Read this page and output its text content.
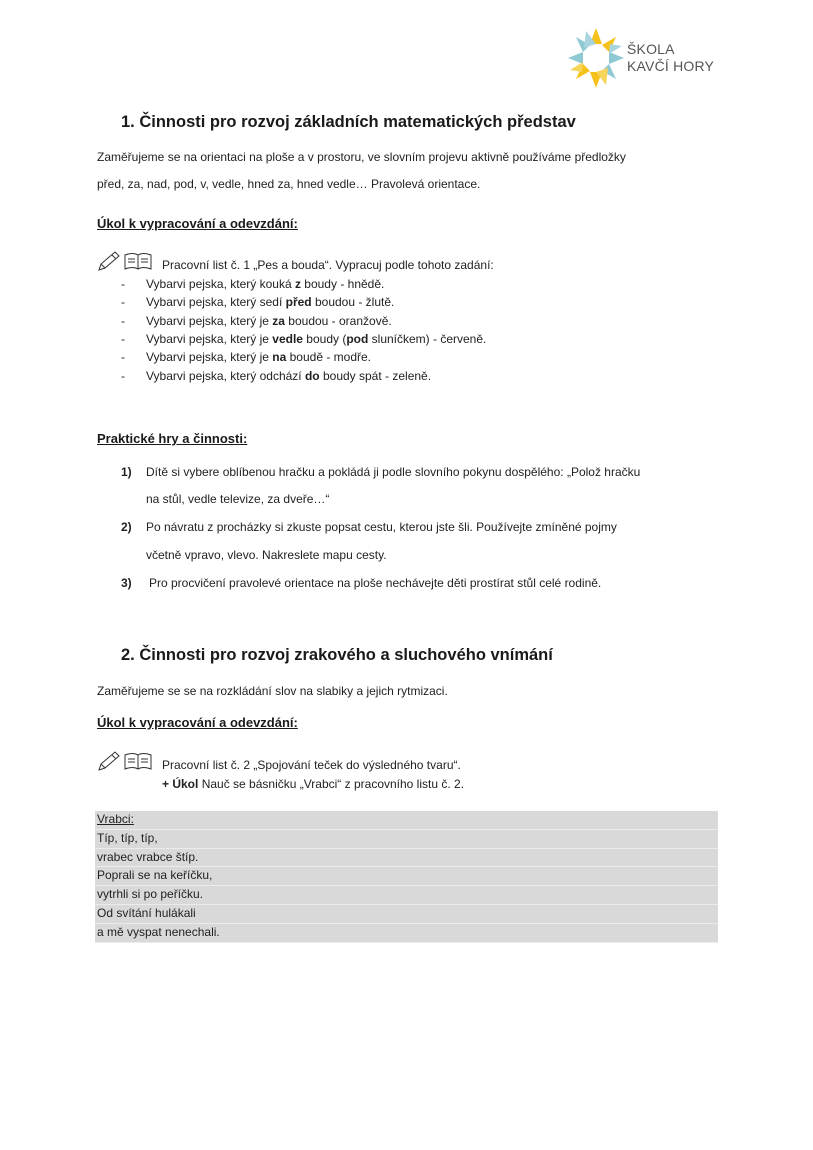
ŠKOLA
KAVČÍ HORY
1. Činnosti pro rozvoj základních matematických představ
Zaměřujeme se na orientaci na ploše a v prostoru, ve slovním projevu aktivně používáme předložky
před, za, nad, pod, v, vedle, hned za, hned vedle… Pravolevá orientace.
Úkol k vypracování a odevzdání:
Pracovní list č. 1 „Pes a bouda“. Vypracuj podle tohoto zadání:
- Vybarvi pejska, který kouká z boudy - hnědě.
- Vybarvi pejska, který sedí před boudou - žlutě.
- Vybarvi pejska, který je za boudou - oranžově.
- Vybarvi pejska, který je vedle boudy (pod sluníčkem) - červeně.
- Vybarvi pejska, který je na boudě - modře.
- Vybarvi pejska, který odchází do boudy spát - zeleně.
Praktické hry a činnosti:
1) Dítě si vybere oblíbenou hračku a pokládá ji podle slovního pokynu dospělého: „Polož hračku
na stůl, vedle televize, za dveře…“
2) Po návratu z procházky si zkuste popsat cestu, kterou jste šli. Používejte zmíněné pojmy
včetně vpravo, vlevo. Nakreslete mapu cesty.
3) Pro procvičení pravolevé orientace na ploše nechávejte děti prostírat stůl celé rodině.
2. Činnosti pro rozvoj zrakového a sluchového vnímání
Zaměřujeme se se na rozkládání slov na slabiky a jejich rytmizaci.
Úkol k vypracování a odevzdání:
Pracovní list č. 2 „Spojování teček do výsledného tvaru“.
+ Úkol Nauč se básničku „Vrabci“ z pracovního listu č. 2.
Vrabci:
Típ, típ, típ,
vrabec vrabce štíp.
Poprali se na keříčku,
vytrhli si po peříčku.
Od svítání hulákali
a mě vyspat nenechali.
